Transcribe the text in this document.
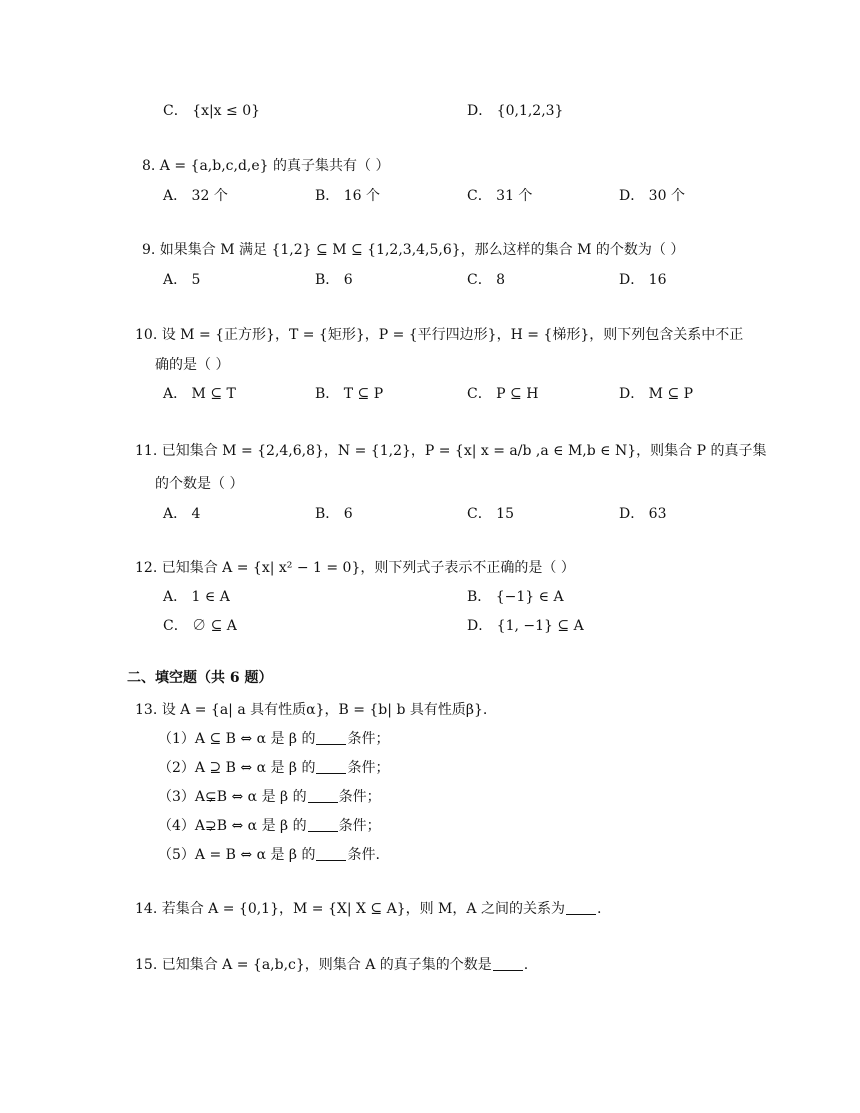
C． {x|x ≤ 0}	D． {0,1,2,3}
8. A = {a,b,c,d,e} 的真子集共有（ ）
A． 32 个	B． 16 个	C． 31 个	D． 30 个
9. 如果集合 M 满足 {1,2} ⊆ M ⊆ {1,2,3,4,5,6}，那么这样的集合 M 的个数为（ ）
A． 5	B． 6	C． 8	D． 16
10. 设 M = {正方形}，T = {矩形}，P = {平行四边形}，H = {梯形}，则下列包含关系中不正
确的是（ ）
A． M ⊆ T	B． T ⊆ P	C． P ⊆ H	D． M ⊆ P
11. 已知集合 M = {2,4,6,8}，N = {1,2}，P = {x| x = a/b ,a ∈ M,b ∈ N}，则集合 P 的真子集
的个数是（ ）
A． 4	B． 6	C． 15	D． 63
12. 已知集合 A = {x| x² − 1 = 0}，则下列式子表示不正确的是（ ）
A． 1 ∈ A	B． {−1} ∈ A
C． ∅ ⊆ A	D． {1, −1} ⊆ A
二、填空题（共 6 题）
13. 设 A = {a| a 具有性质α}，B = {b| b 具有性质β}.
（1）A ⊆ B ⇔ α 是 β 的 条件；
（2）A ⊇ B ⇔ α 是 β 的 条件；
（3）A⊊B ⇔ α 是 β 的 条件；
（4）A⊋B ⇔ α 是 β 的 条件；
（5）A = B ⇔ α 是 β 的 条件.
14. 若集合 A = {0,1}，M = {X| X ⊆ A}，则 M，A 之间的关系为 .
15. 已知集合 A = {a,b,c}，则集合 A 的真子集的个数是 .
